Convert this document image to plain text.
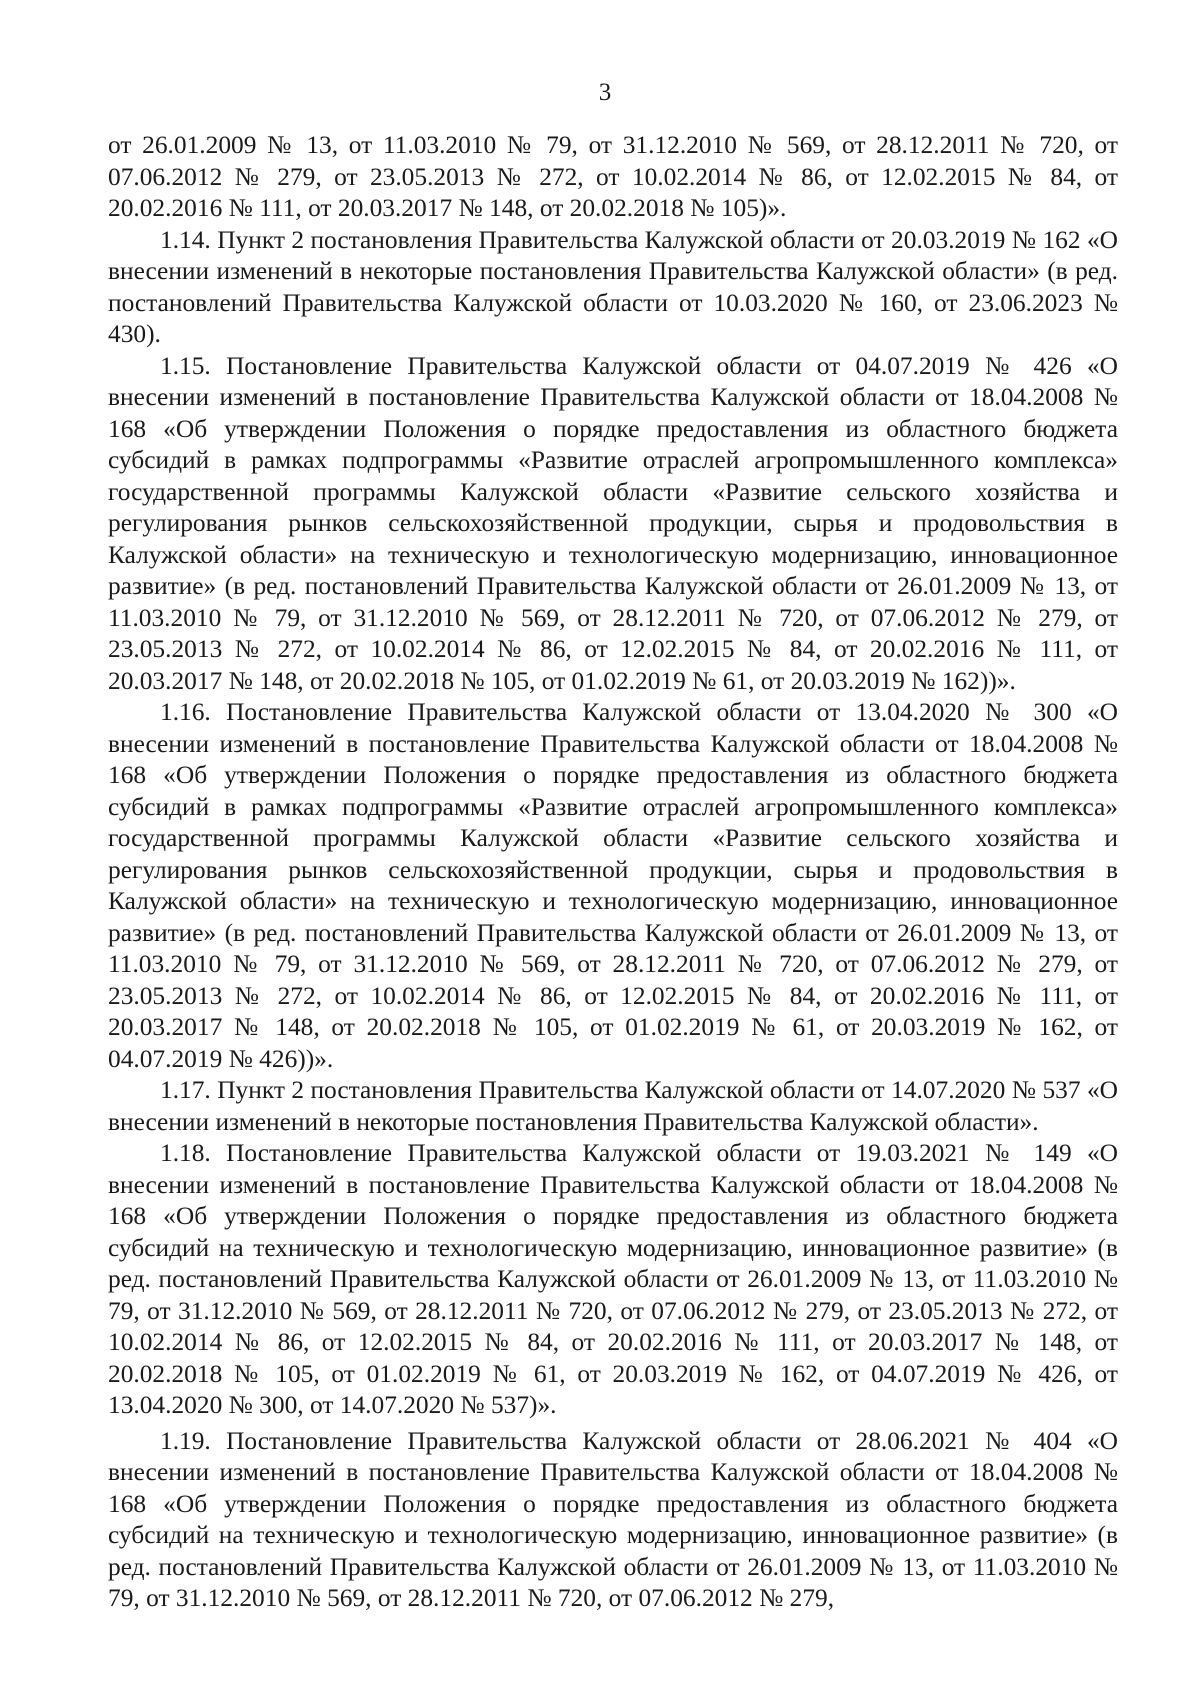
3

от 26.01.2009 № 13, от 11.03.2010 № 79, от 31.12.2010 № 569, от 28.12.2011 № 720, от 07.06.2012 № 279, от 23.05.2013 № 272, от 10.02.2014 № 86, от 12.02.2015 № 84, от 20.02.2016 № 111, от 20.03.2017 № 148, от 20.02.2018 № 105)».

1.14. Пункт 2 постановления Правительства Калужской области от 20.03.2019 № 162 «О внесении изменений в некоторые постановления Правительства Калужской области» (в ред. постановлений Правительства Калужской области от 10.03.2020 № 160, от 23.06.2023 № 430).

1.15. Постановление Правительства Калужской области от 04.07.2019 № 426 «О внесении изменений в постановление Правительства Калужской области от 18.04.2008 № 168 «Об утверждении Положения о порядке предоставления из областного бюджета субсидий в рамках подпрограммы «Развитие отраслей агропромышленного комплекса» государственной программы Калужской области «Развитие сельского хозяйства и регулирования рынков сельскохозяйственной продукции, сырья и продовольствия в Калужской области» на техническую и технологическую модернизацию, инновационное развитие» (в ред. постановлений Правительства Калужской области от 26.01.2009 № 13, от 11.03.2010 № 79, от 31.12.2010 № 569, от 28.12.2011 № 720, от 07.06.2012 № 279, от 23.05.2013 № 272, от 10.02.2014 № 86, от 12.02.2015 № 84, от 20.02.2016 № 111, от 20.03.2017 № 148, от 20.02.2018 № 105, от 01.02.2019 № 61, от 20.03.2019 № 162))».

1.16. Постановление Правительства Калужской области от 13.04.2020 № 300 «О внесении изменений в постановление Правительства Калужской области от 18.04.2008 № 168 «Об утверждении Положения о порядке предоставления из областного бюджета субсидий в рамках подпрограммы «Развитие отраслей агропромышленного комплекса» государственной программы Калужской области «Развитие сельского хозяйства и регулирования рынков сельскохозяйственной продукции, сырья и продовольствия в Калужской области» на техническую и технологическую модернизацию, инновационное развитие» (в ред. постановлений Правительства Калужской области от 26.01.2009 № 13, от 11.03.2010 № 79, от 31.12.2010 № 569, от 28.12.2011 № 720, от 07.06.2012 № 279, от 23.05.2013 № 272, от 10.02.2014 № 86, от 12.02.2015 № 84, от 20.02.2016 № 111, от 20.03.2017 № 148, от 20.02.2018 № 105, от 01.02.2019 № 61, от 20.03.2019 № 162, от 04.07.2019 № 426))».

1.17. Пункт 2 постановления Правительства Калужской области от 14.07.2020 № 537 «О внесении изменений в некоторые постановления Правительства Калужской области».

1.18. Постановление Правительства Калужской области от 19.03.2021 № 149 «О внесении изменений в постановление Правительства Калужской области от 18.04.2008 № 168 «Об утверждении Положения о порядке предоставления из областного бюджета субсидий на техническую и технологическую модернизацию, инновационное развитие» (в ред. постановлений Правительства Калужской области от 26.01.2009 № 13, от 11.03.2010 № 79, от 31.12.2010 № 569, от 28.12.2011 № 720, от 07.06.2012 № 279, от 23.05.2013 № 272, от 10.02.2014 № 86, от 12.02.2015 № 84, от 20.02.2016 № 111, от 20.03.2017 № 148, от 20.02.2018 № 105, от 01.02.2019 № 61, от 20.03.2019 № 162, от 04.07.2019 № 426, от 13.04.2020 № 300, от 14.07.2020 № 537)».

1.19. Постановление Правительства Калужской области от 28.06.2021 № 404 «О внесении изменений в постановление Правительства Калужской области от 18.04.2008 № 168 «Об утверждении Положения о порядке предоставления из областного бюджета субсидий на техническую и технологическую модернизацию, инновационное развитие» (в ред. постановлений Правительства Калужской области от 26.01.2009 № 13, от 11.03.2010 № 79, от 31.12.2010 № 569, от 28.12.2011 № 720, от 07.06.2012 № 279,
